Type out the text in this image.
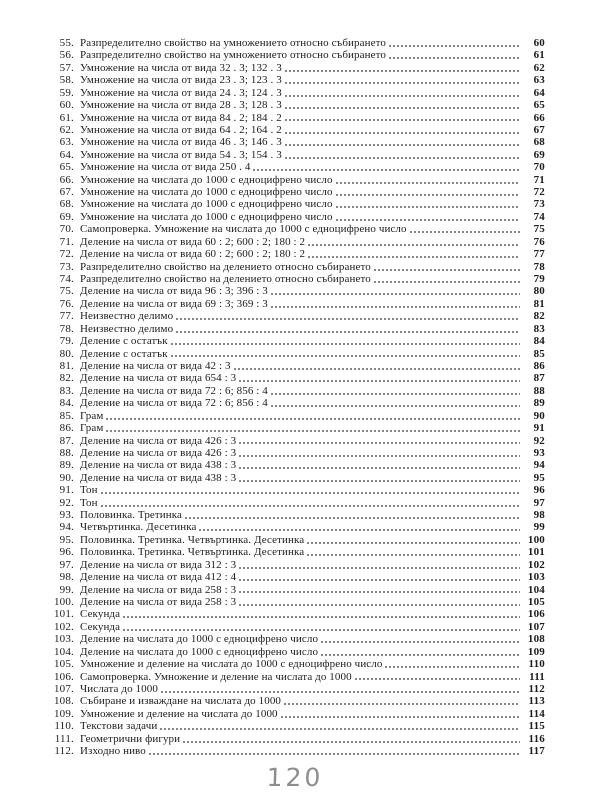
55. Разпределително свойство на умножението относно събирането	60
56. Разпределително свойство на умножението относно събирането	61
57. Умножение на числа от вида 32 . 3; 132 . 3	62
58. Умножение на числа от вида 23 . 3; 123 . 3	63
59. Умножение на числа от вида 24 . 3; 124 . 3	64
60. Умножение на числа от вида 28 . 3; 128 . 3	65
61. Умножение на числа от вида 84 . 2; 184 . 2	66
62. Умножение на числа от вида 64 . 2; 164 . 2	67
63. Умножение на числа от вида 46 . 3; 146 . 3	68
64. Умножение на числа от вида 54 . 3; 154 . 3	69
65. Умножение на числа от вида 250 . 4	70
66. Умножение на числата до 1000 с едноцифрено число	71
67. Умножение на числата до 1000 с едноцифрено число	72
68. Умножение на числата до 1000 с едноцифрено число	73
69. Умножение на числата до 1000 с едноцифрено число	74
70. Самопроверка. Умножение на числата до 1000 с едноцифрено число	75
71. Деление на числа от вида 60 : 2; 600 : 2; 180 : 2	76
72. Деление на числа от вида 60 : 2; 600 : 2; 180 : 2	77
73. Разпределително свойство на делението относно събирането	78
74. Разпределително свойство на делението относно събирането	79
75. Деление на числа от вида 96 : 3; 396 : 3	80
76. Деление на числа от вида 69 : 3; 369 : 3	81
77. Неизвестно делимо	82
78. Неизвестно делимо	83
79. Деление с остатък	84
80. Деление с остатък	85
81. Деление на числа от вида 42 : 3	86
82. Деление на числа от вида 654 : 3	87
83. Деление на числа от вида 72 : 6; 856 : 4	88
84. Деление на числа от вида 72 : 6; 856 : 4	89
85. Грам	90
86. Грам	91
87. Деление на числа от вида 426 : 3	92
88. Деление на числа от вида 426 : 3	93
89. Деление на числа от вида 438 : 3	94
90. Деление на числа от вида 438 : 3	95
91. Тон	96
92. Тон	97
93. Половинка. Третинка	98
94. Четвъртинка. Десетинка	99
95. Половинка. Третинка. Четвъртинка. Десетинка	100
96. Половинка. Третинка. Четвъртинка. Десетинка	101
97. Деление на числа от вида 312 : 3	102
98. Деление на числа от вида 412 : 4	103
99. Деление на числа от вида 258 : 3	104
100. Деление на числа от вида 258 : 3	105
101. Секунда	106
102. Секунда	107
103. Деление на числата до 1000 с едноцифрено число	108
104. Деление на числата до 1000 с едноцифрено число	109
105. Умножение и деление на числата до 1000 с едноцифрено число	110
106. Самопроверка. Умножение и деление на числата до 1000	111
107. Числата до 1000	112
108. Събиране и изваждане на числата до 1000	113
109. Умножение и деление на числата до 1000	114
110. Текстови задачи	115
111. Геометрични фигури	116
112. Изходно ниво	117
120
